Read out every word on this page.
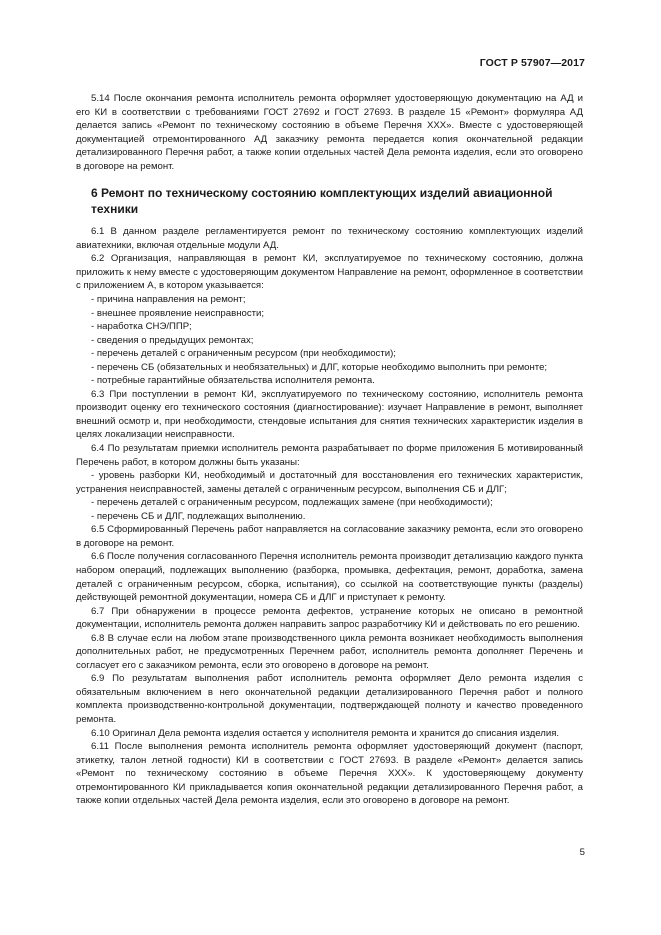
ГОСТ Р 57907—2017

5.14 После окончания ремонта исполнитель ремонта оформляет удостоверяющую документацию на АД и его КИ в соответствии с требованиями ГОСТ 27692 и ГОСТ 27693. В разделе 15 «Ремонт» формуляра АД делается запись «Ремонт по техническому состоянию в объеме Перечня XXX». Вместе с удостоверяющей документацией отремонтированного АД заказчику ремонта передается копия окончательной редакции детализированного Перечня работ, а также копии отдельных частей Дела ремонта изделия, если это оговорено в договоре на ремонт.

6 Ремонт по техническому состоянию комплектующих изделий авиационной техники

6.1 В данном разделе регламентируется ремонт по техническому состоянию комплектующих изделий авиатехники, включая отдельные модули АД.

6.2 Организация, направляющая в ремонт КИ, эксплуатируемое по техническому состоянию, должна приложить к нему вместе с удостоверяющим документом Направление на ремонт, оформленное в соответствии с приложением А, в котором указывается:

- причина направления на ремонт;

- внешнее проявление неисправности;

- наработка СНЭ/ППР;

- сведения о предыдущих ремонтах;

- перечень деталей с ограниченным ресурсом (при необходимости);

- перечень СБ (обязательных и необязательных) и ДЛГ, которые необходимо выполнить при ремонте;

- потребные гарантийные обязательства исполнителя ремонта.

6.3 При поступлении в ремонт КИ, эксплуатируемого по техническому состоянию, исполнитель ремонта производит оценку его технического состояния (диагностирование): изучает Направление в ремонт, выполняет внешний осмотр и, при необходимости, стендовые испытания для снятия технических характеристик изделия в целях локализации неисправности.

6.4 По результатам приемки исполнитель ремонта разрабатывает по форме приложения Б мотивированный Перечень работ, в котором должны быть указаны:

- уровень разборки КИ, необходимый и достаточный для восстановления его технических характеристик, устранения неисправностей, замены деталей с ограниченным ресурсом, выполнения СБ и ДЛГ;

- перечень деталей с ограниченным ресурсом, подлежащих замене (при необходимости);

- перечень СБ и ДЛГ, подлежащих выполнению.

6.5 Сформированный Перечень работ направляется на согласование заказчику ремонта, если это оговорено в договоре на ремонт.

6.6 После получения согласованного Перечня исполнитель ремонта производит детализацию каждого пункта набором операций, подлежащих выполнению (разборка, промывка, дефектация, ремонт, доработка, замена деталей с ограниченным ресурсом, сборка, испытания), со ссылкой на соответствующие пункты (разделы) действующей ремонтной документации, номера СБ и ДЛГ и приступает к ремонту.

6.7 При обнаружении в процессе ремонта дефектов, устранение которых не описано в ремонтной документации, исполнитель ремонта должен направить запрос разработчику КИ и действовать по его решению.

6.8 В случае если на любом этапе производственного цикла ремонта возникает необходимость выполнения дополнительных работ, не предусмотренных Перечнем работ, исполнитель ремонта дополняет Перечень и согласует его с заказчиком ремонта, если это оговорено в договоре на ремонт.

6.9 По результатам выполнения работ исполнитель ремонта оформляет Дело ремонта изделия с обязательным включением в него окончательной редакции детализированного Перечня работ и полного комплекта производственно-контрольной документации, подтверждающей полноту и качество проведенного ремонта.

6.10 Оригинал Дела ремонта изделия остается у исполнителя ремонта и хранится до списания изделия.

6.11 После выполнения ремонта исполнитель ремонта оформляет удостоверяющий документ (паспорт, этикетку, талон летной годности) КИ в соответствии с ГОСТ 27693. В разделе «Ремонт» делается запись «Ремонт по техническому состоянию в объеме Перечня XXX». К удостоверяющему документу отремонтированного КИ прикладывается копия окончательной редакции детализированного Перечня работ, а также копии отдельных частей Дела ремонта изделия, если это оговорено в договоре на ремонт.

5
